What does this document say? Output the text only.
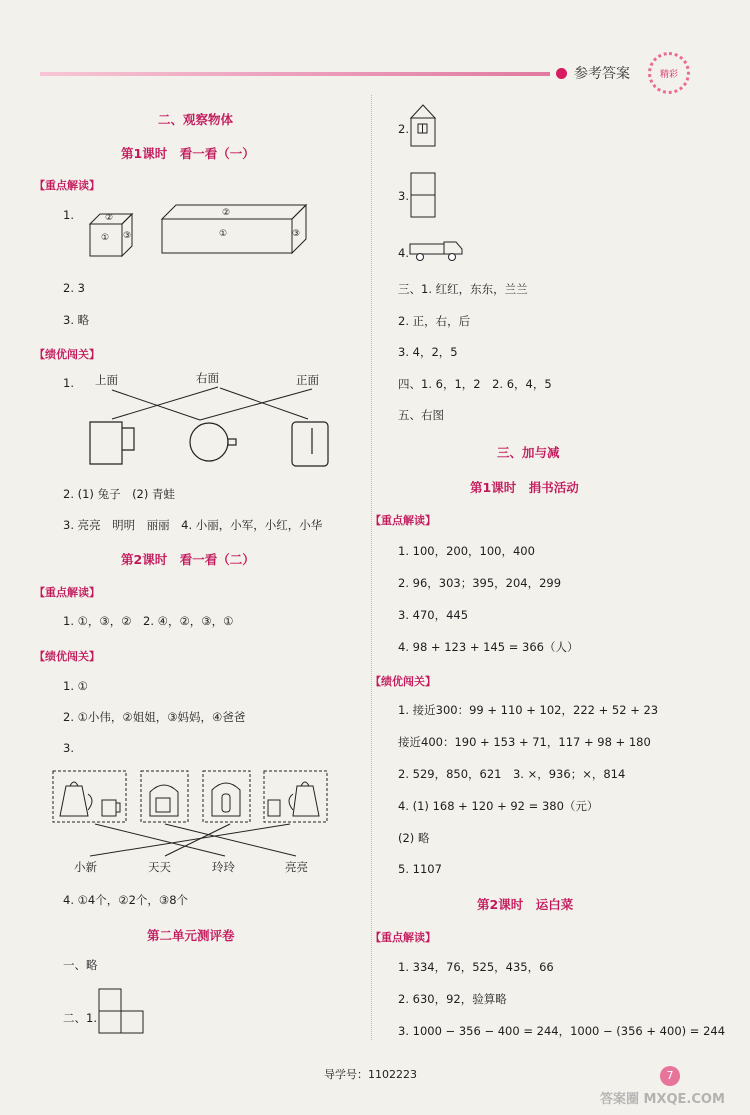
参考答案	精彩
二、观察物体
第1课时　看一看（一）
【重点解读】
1.	②
① ③
②
①	③
2. 3
3. 略
【绩优闯关】
1. 上面	右面	正面
2. (1) 兔子　(2) 青蛙
3. 亮亮　明明　丽丽　4. 小丽，小军，小红，小华
第2课时　看一看（二）
【重点解读】
1. ①，③，②　2. ④，②，③，①
【绩优闯关】
1. ①
2. ①小伟，②姐姐，③妈妈，④爸爸
3.
小新	天天	玲玲	亮亮
4. ①4个，②2个，③8个
第二单元测评卷
一、略
二、1.
2.
3.
4.
三、1. 红红，东东，兰兰
2. 正，右，后
3. 4，2，5
四、1. 6，1，2　2. 6，4，5
五、右图
三、加与减
第1课时　捐书活动
【重点解读】
1. 100，200，100，400
2. 96，303；395，204，299
3. 470，445
4. 98 + 123 + 145 = 366（人）
【绩优闯关】
1. 接近300：99 + 110 + 102，222 + 52 + 23
接近400：190 + 153 + 71，117 + 98 + 180
2. 529，850，621　3. ×，936；×，814
4. (1) 168 + 120 + 92 = 380（元）
(2) 略
5. 1107
第2课时　运白菜
【重点解读】
1. 334，76，525，435，66
2. 630，92，验算略
3. 1000 − 356 − 400 = 244，1000 − (356 + 400) = 244
导学号：1102223	7
答案圈 MXQE.COM
